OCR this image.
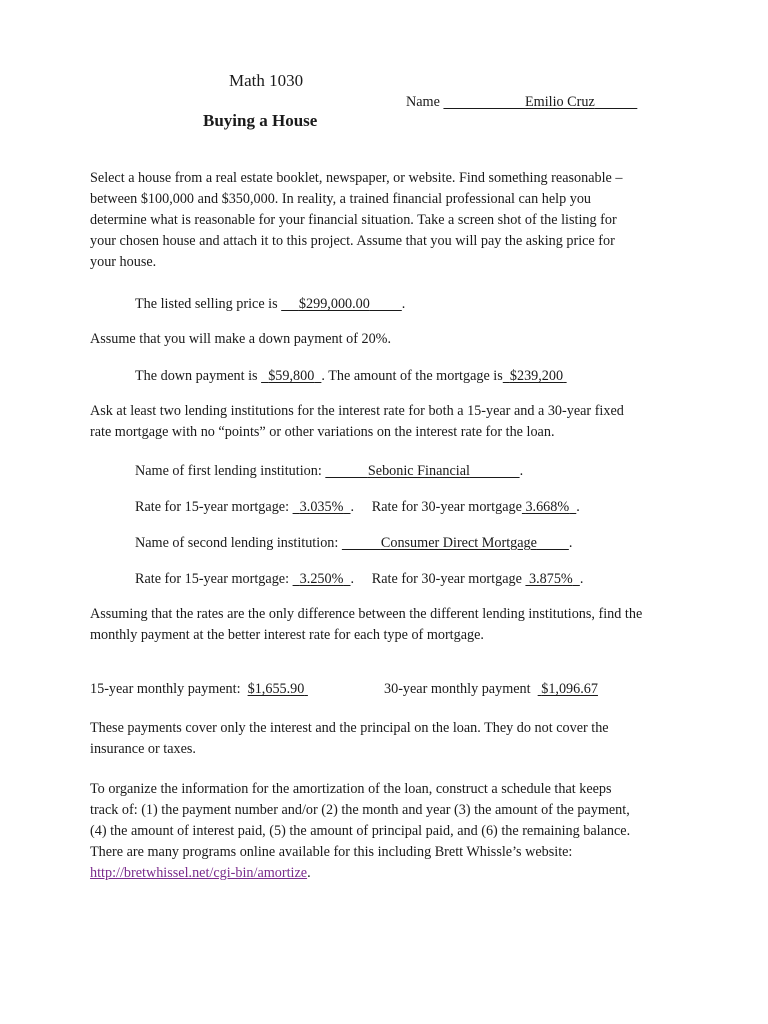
Math 1030
Buying a House
Name	Emilio Cruz
Select a house from a real estate booklet, newspaper, or website. Find something reasonable –
between $100,000 and $350,000. In reality, a trained financial professional can help you
determine what is reasonable for your financial situation. Take a screen shot of the listing for
your chosen house and attach it to this project. Assume that you will pay the asking price for
your house.
The listed selling price is $299,000.00 .
Assume that you will make a down payment of 20%.
The down payment is $59,800 . The amount of the mortgage is $239,200
Ask at least two lending institutions for the interest rate for both a 15-year and a 30-year fixed
rate mortgage with no “points” or other variations on the interest rate for the loan.
Name of first lending institution:	Sebonic Financial	.
Rate for 15-year mortgage: 3.035% .     Rate for 30-year mortgage 3.668% .
Name of second lending institution:	Consumer Direct Mortgage .
Rate for 15-year mortgage: 3.250% .     Rate for 30-year mortgage 3.875% .
Assuming that the rates are the only difference between the different lending institutions, find the
monthly payment at the better interest rate for each type of mortgage.
15-year monthly payment: $1,655.90	30-year monthly payment $1,096.67
These payments cover only the interest and the principal on the loan. They do not cover the
insurance or taxes.
To organize the information for the amortization of the loan, construct a schedule that keeps
track of: (1) the payment number and/or (2) the month and year (3) the amount of the payment,
(4) the amount of interest paid, (5) the amount of principal paid, and (6) the remaining balance.
There are many programs online available for this including Brett Whissle’s website:
http://bretwhissel.net/cgi-bin/amortize.
